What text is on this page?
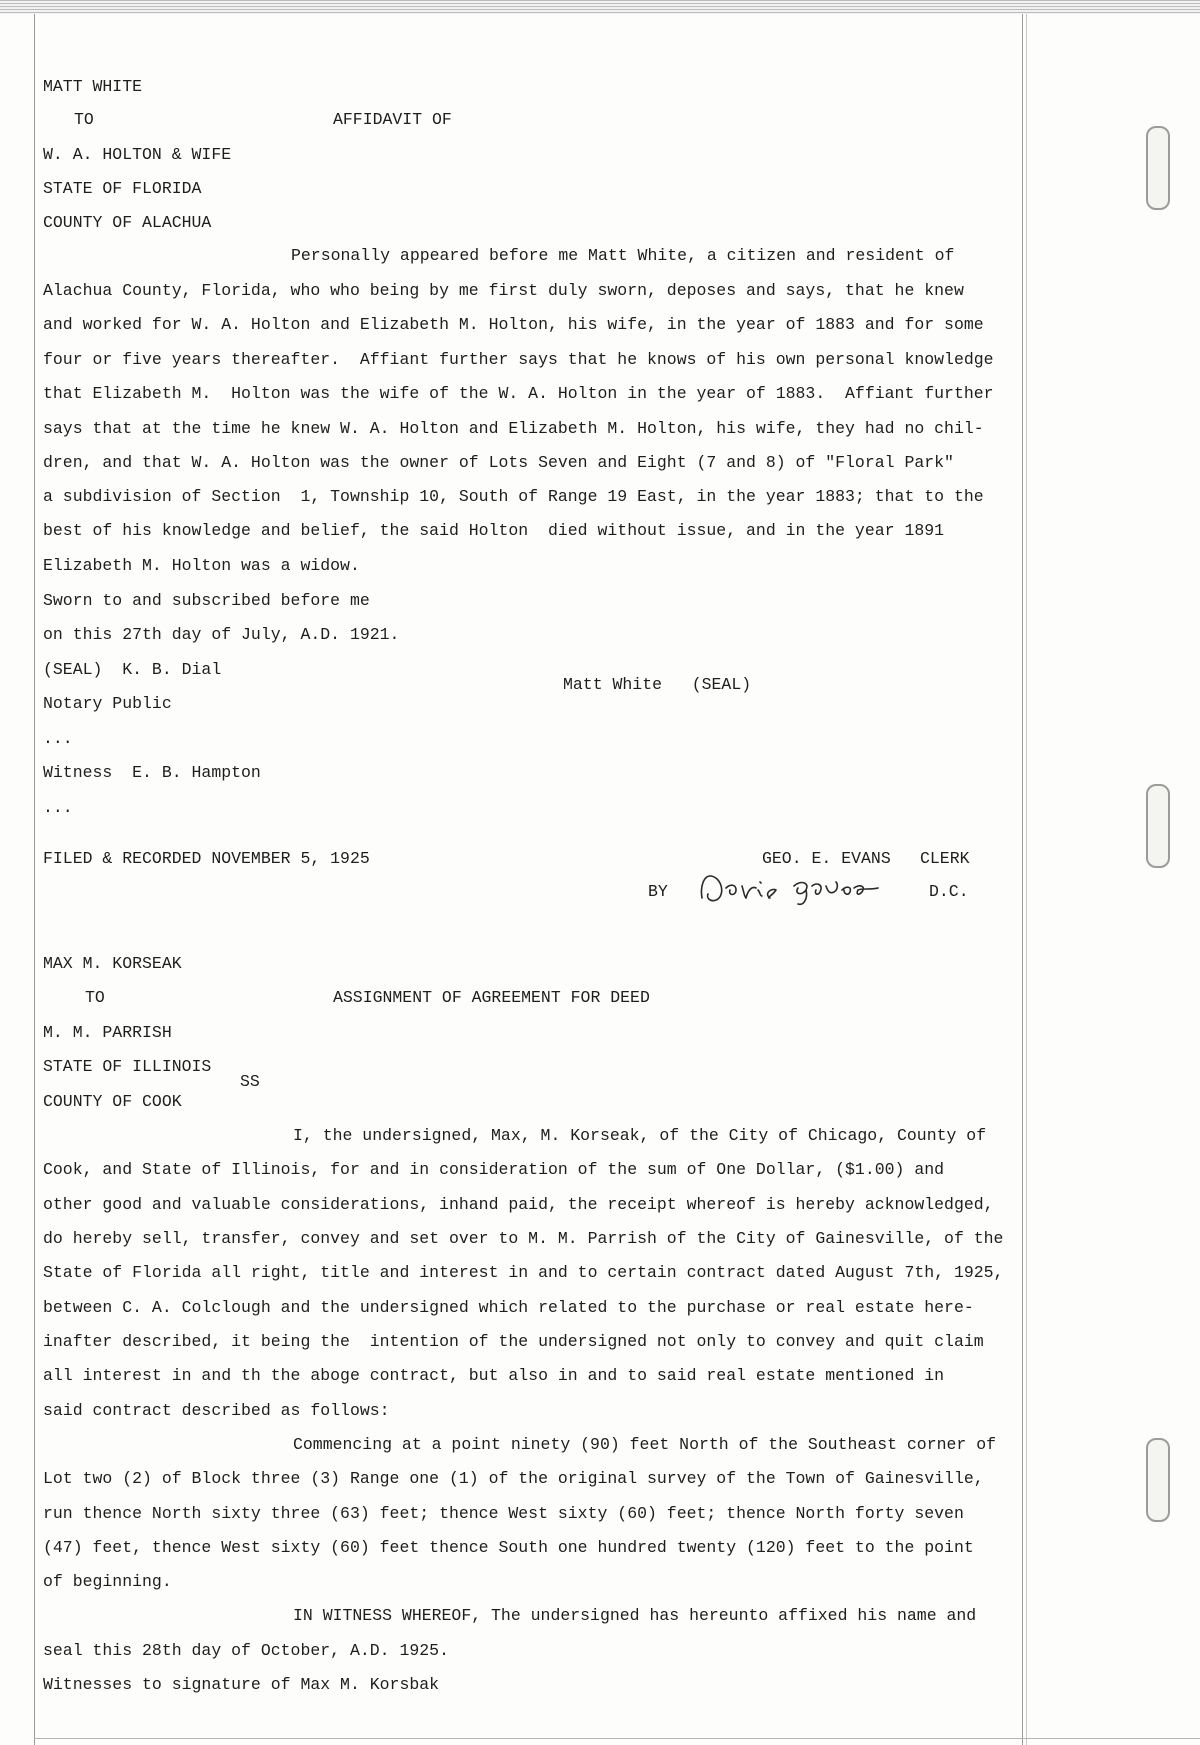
MATT WHITE
TO	AFFIDAVIT OF
W. A. HOLTON & WIFE
STATE OF FLORIDA
COUNTY OF ALACHUA
Personally appeared before me Matt White, a citizen and resident of
Alachua County, Florida, who who being by me first duly sworn, deposes and says, that he knew
and worked for W. A. Holton and Elizabeth M. Holton, his wife, in the year of 1883 and for some
four or five years thereafter.  Affiant further says that he knows of his own personal knowledge
that Elizabeth M.  Holton was the wife of the W. A. Holton in the year of 1883.  Affiant further
says that at the time he knew W. A. Holton and Elizabeth M. Holton, his wife, they had no chil-
dren, and that W. A. Holton was the owner of Lots Seven and Eight (7 and 8) of "Floral Park"
a subdivision of Section  1, Township 10, South of Range 19 East, in the year 1883; that to the
best of his knowledge and belief, the said Holton  died without issue, and in the year 1891
Elizabeth M. Holton was a widow.
Sworn to and subscribed before me
on this 27th day of July, A.D. 1921.
(SEAL)  K. B. Dial
Notary Public
Matt White   (SEAL)
...
Witness  E. B. Hampton
...
FILED & RECORDED NOVEMBER 5, 1925	GEO. E. EVANS CLERK
BY	D.C.
MAX M. KORSEAK
TO	ASSIGNMENT OF AGREEMENT FOR DEED
M. M. PARRISH
STATE OF ILLINOIS
SS
COUNTY OF COOK
I, the undersigned, Max, M. Korseak, of the City of Chicago, County of
Cook, and State of Illinois, for and in consideration of the sum of One Dollar, ($1.00) and
other good and valuable considerations, inhand paid, the receipt whereof is hereby acknowledged,
do hereby sell, transfer, convey and set over to M. M. Parrish of the City of Gainesville, of the
State of Florida all right, title and interest in and to certain contract dated August 7th, 1925,
between C. A. Colclough and the undersigned which related to the purchase or real estate here-
inafter described, it being the  intention of the undersigned not only to convey and quit claim
all interest in and th the aboge contract, but also in and to said real estate mentioned in
said contract described as follows:
Commencing at a point ninety (90) feet North of the Southeast corner of
Lot two (2) of Block three (3) Range one (1) of the original survey of the Town of Gainesville,
run thence North sixty three (63) feet; thence West sixty (60) feet; thence North forty seven
(47) feet, thence West sixty (60) feet thence South one hundred twenty (120) feet to the point
of beginning.
IN WITNESS WHEREOF, The undersigned has hereunto affixed his name and
seal this 28th day of October, A.D. 1925.
Witnesses to signature of Max M. Korsbak
